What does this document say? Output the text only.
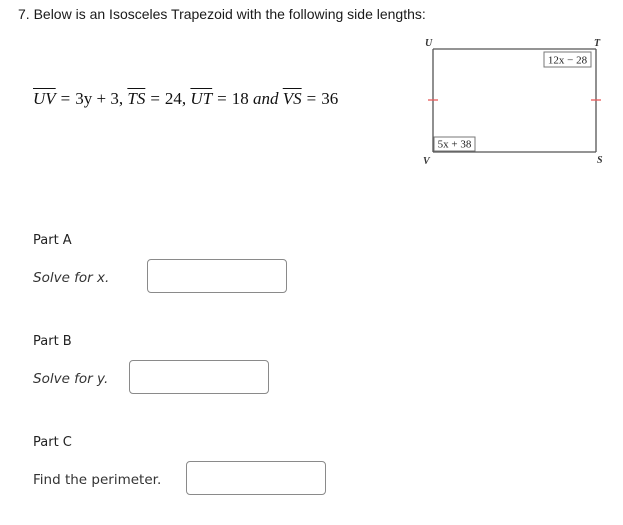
7. Below is an Isosceles Trapezoid with the following side lengths:
$\overline{UV} = 3y + 3$, $\overline{TS} = 24$, $\overline{UT} = 18$ and $\overline{VS} = 36$
12x − 28
5x + 38
U	T
V	S
Part A
Solve for x.
Part B
Solve for y.
Part C
Find the perimeter.
